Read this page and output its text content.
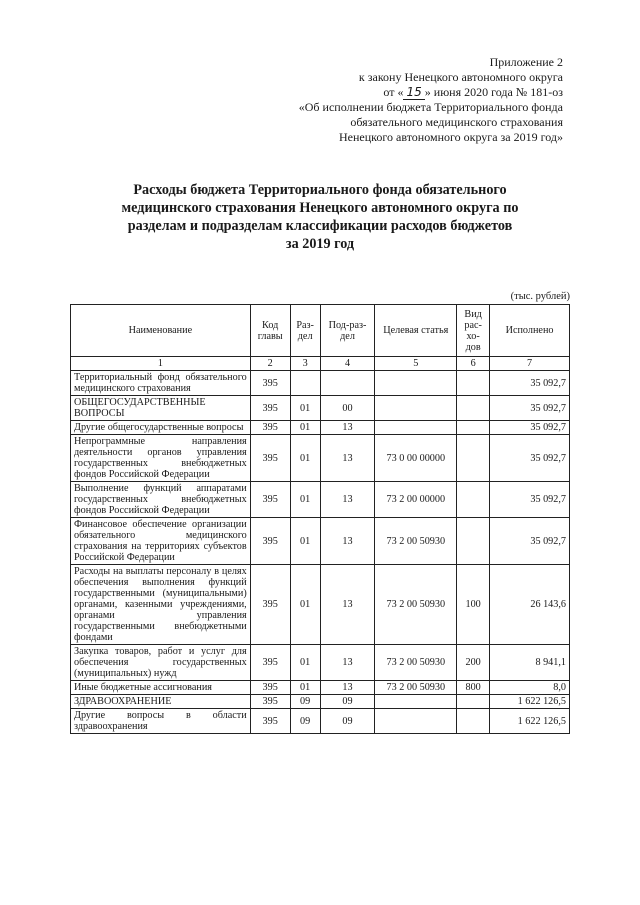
Приложение 2
к закону Ненецкого автономного округа
от « 15 » июня 2020 года № 181-оз
«Об исполнении бюджета Территориального фонда
обязательного медицинского страхования
Ненецкого автономного округа за 2019 год»
Расходы бюджета Территориального фонда обязательного
медицинского страхования Ненецкого автономного округа по
разделам и подразделам классификации расходов бюджетов
за 2019 год
(тыс. рублей)
Наименование	Код главы	Раз-дел	Под-раз-дел	Целевая статья	Вид рас-хо-дов	Исполнено
1	2	3	4	5	6	7
Территориальный фонд обязательного медицинского страхования	395					35 092,7
ОБЩЕГОСУДАРСТВЕННЫЕ ВОПРОСЫ	395	01	00			35 092,7
Другие общегосударственные вопросы	395	01	13			35 092,7
Непрограммные направления деятельности органов управления государственных внебюджетных фондов Российской Федерации	395	01	13	73 0 00 00000		35 092,7
Выполнение функций аппаратами государственных внебюджетных фондов Российской Федерации	395	01	13	73 2 00 00000		35 092,7
Финансовое обеспечение организации обязательного медицинского страхования на территориях субъектов Российской Федерации	395	01	13	73 2 00 50930		35 092,7
Расходы на выплаты персоналу в целях обеспечения выполнения функций государственными (муниципальными) органами, казенными учреждениями, органами управления государственными внебюджетными фондами	395	01	13	73 2 00 50930	100	26 143,6
Закупка товаров, работ и услуг для обеспечения государственных (муниципальных) нужд	395	01	13	73 2 00 50930	200	8 941,1
Иные бюджетные ассигнования	395	01	13	73 2 00 50930	800	8,0
ЗДРАВООХРАНЕНИЕ	395	09	09			1 622 126,5
Другие вопросы в области здравоохранения	395	09	09			1 622 126,5
